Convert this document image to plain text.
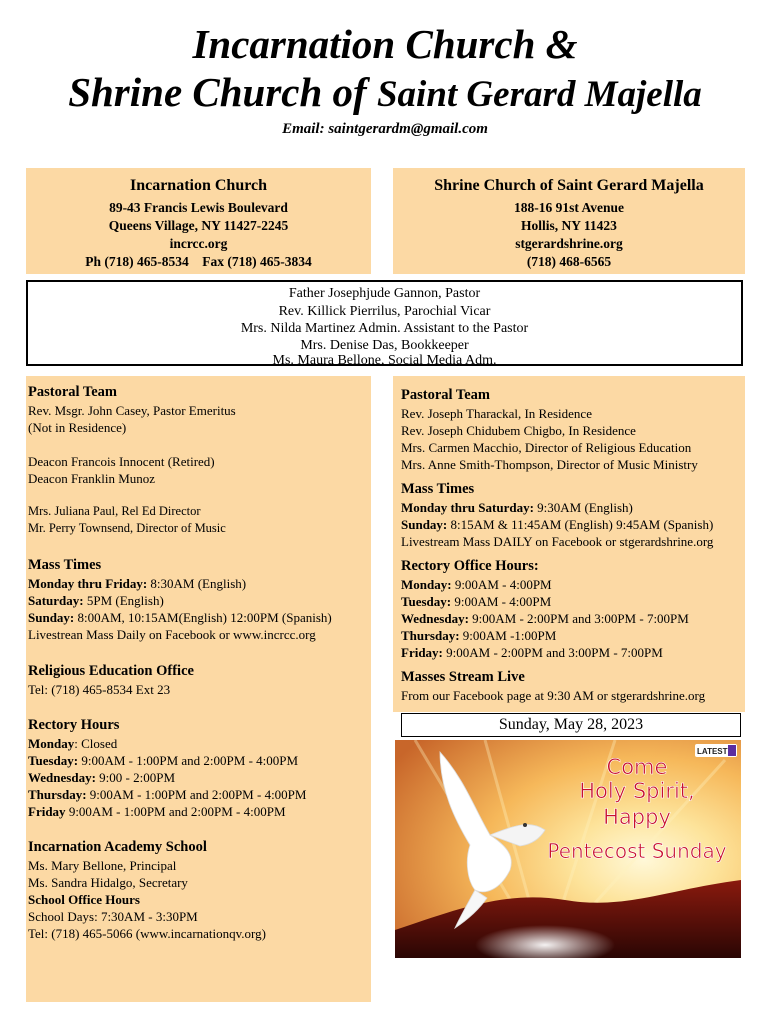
Incarnation Church &
Shrine Church of Saint Gerard Majella
Email: saintgerardm@gmail.com
Incarnation Church
89-43 Francis Lewis Boulevard
Queens Village, NY 11427-2245
incrcc.org
Ph (718) 465-8534 Fax (718) 465-3834
Shrine Church of Saint Gerard Majella
188-16 91st Avenue
Hollis, NY 11423
stgerardshrine.org
(718) 468-6565
Father Josephjude Gannon, Pastor
Rev. Killick Pierrilus, Parochial Vicar
Mrs. Nilda Martinez Admin. Assistant to the Pastor
Mrs. Denise Das, Bookkeeper
Ms. Maura Bellone, Social Media Adm.

Pastoral Team

Rev. Msgr. John Casey, Pastor Emeritus

(Not in Residence)

Deacon Francois Innocent (Retired)

Deacon Franklin Munoz

Mrs. Juliana Paul, Rel Ed Director

Mr. Perry Townsend, Director of Music

Mass Times

Monday thru Friday: 8:30AM (English)

Saturday: 5PM (English)

Sunday: 8:00AM, 10:15AM(English) 12:00PM (Spanish)

Livestrean Mass Daily on Facebook or www.incrcc.org

Religious Education Office

Tel: (718) 465-8534 Ext 23

Rectory Hours

Monday: Closed

Tuesday: 9:00AM - 1:00PM and 2:00PM - 4:00PM

Wednesday: 9:00 - 2:00PM

Thursday: 9:00AM - 1:00PM and 2:00PM - 4:00PM

Friday 9:00AM - 1:00PM and 2:00PM - 4:00PM

Incarnation Academy School

Ms. Mary Bellone, Principal

Ms. Sandra Hidalgo, Secretary

School Office Hours

School Days: 7:30AM - 3:30PM

Tel: (718) 465-5066 (www.incarnationqv.org)

Pastoral Team

Rev. Joseph Tharackal, In Residence

Rev. Joseph Chidubem Chigbo, In Residence

Mrs. Carmen Macchio, Director of Religious Education

Mrs. Anne Smith-Thompson, Director of Music Ministry

Mass Times

Monday thru Saturday: 9:30AM (English)

Sunday: 8:15AM & 11:45AM (English) 9:45AM (Spanish)

Livestream Mass DAILY on Facebook or stgerardshrine.org

Rectory Office Hours:

Monday: 9:00AM - 4:00PM

Tuesday: 9:00AM - 4:00PM

Wednesday: 9:00AM - 2:00PM and 3:00PM - 7:00PM

Thursday: 9:00AM -1:00PM

Friday: 9:00AM - 2:00PM and 3:00PM - 7:00PM

Masses Stream Live

From our Facebook page at 9:30 AM or stgerardshrine.org

Sunday, May 28, 2023
LATEST
Come
Holy Spirit,
Happy
Pentecost Sunday
